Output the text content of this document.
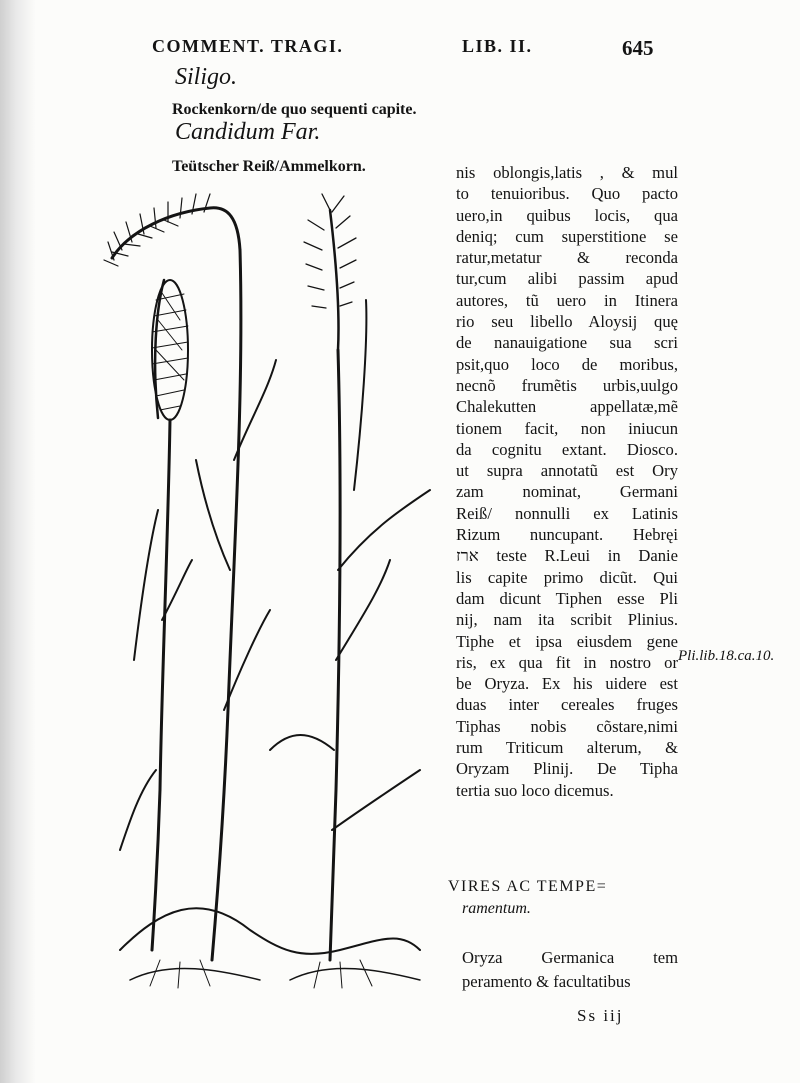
COMMENT. TRAGI.	LIB. II.	645
Siligo.
Rockenkorn/de quo sequenti capite.
Candidum Far.
Teütscher Reiß/Ammelkorn.	nis oblongis,latis , & mul
to tenuioribus. Quo pacto
uero,in quibus locis, qua
deniq; cum superstitione se
ratur,metatur & reconda
tur,cum alibi passim apud
autores, tũ uero in Itinera
rio seu libello Aloysij quę
de nanauigatione sua scri
psit,quo loco de moribus,
necnõ frumẽtis urbis,uulgo
Chalekutten appellatæ,mẽ
tionem facit, non iniucun
da cognitu extant. Diosco.
ut supra annotatũ est Ory
zam nominat, Germani
Reiß/ nonnulli ex Latinis
Rizum nuncupant. Hebręi
ארז teste R.Leui in Danie
lis capite primo dicũt. Qui
dam dicunt Tiphen esse Pli
nij, nam ita scribit Plinius.
Tiphe et ipsa eiusdem gene
ris, ex qua fit in nostro or
be Oryza. Ex his uidere est
duas inter cereales fruges
Tiphas nobis cõstare,nimi
rum Triticum alterum, &
Oryzam Plinij. De Tipha
tertia suo loco dicemus.
Pli.lib.18.ca.10.
VIRES AC TEMPE=
ramentum.
Oryza Germanica tem
peramento & facultatibus
Ss iij
